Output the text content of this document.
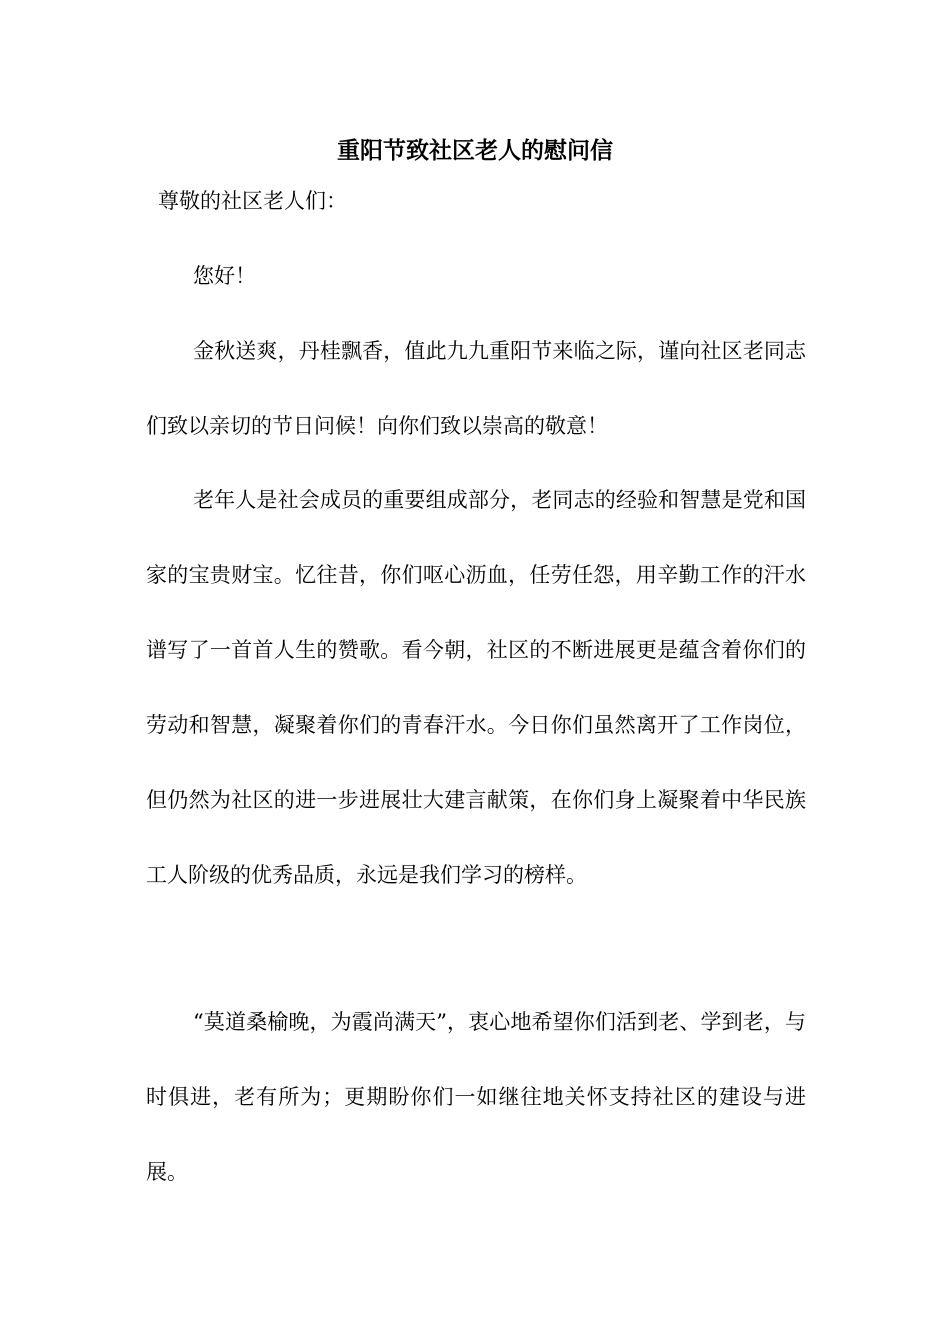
重阳节致社区老人的慰问信
尊敬的社区老人们：
您好！

金秋送爽，丹桂飘香，值此九九重阳节来临之际，谨向社区老同志们致以亲切的节日问候！向你们致以崇高的敬意！

老年人是社会成员的重要组成部分，老同志的经验和智慧是党和国家的宝贵财宝。忆往昔，你们呕心沥血，任劳任怨，用辛勤工作的汗水谱写了一首首人生的赞歌。看今朝，社区的不断进展更是蕴含着你们的劳动和智慧，凝聚着你们的青春汗水。今日你们虽然离开了工作岗位，但仍然为社区的进一步进展壮大建言献策，在你们身上凝聚着中华民族工人阶级的优秀品质，永远是我们学习的榜样。

“莫道桑榆晚，为霞尚满天”，衷心地希望你们活到老、学到老，与时俱进，老有所为；更期盼你们一如继往地关怀支持社区的建设与进展。
